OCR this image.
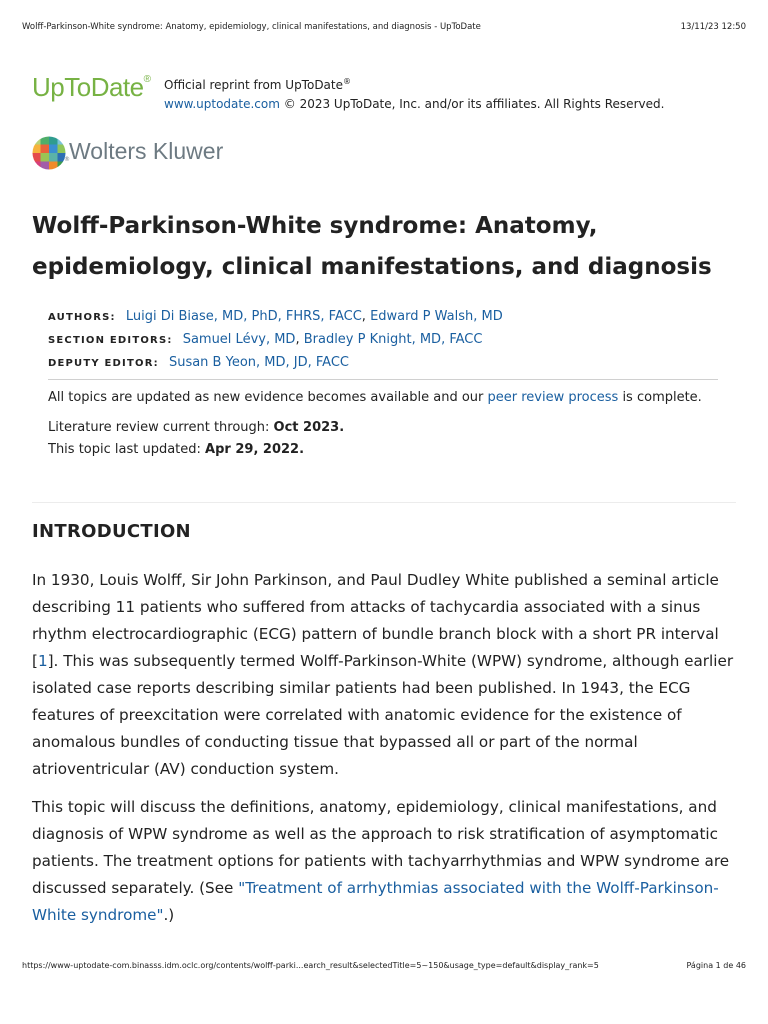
Wolff-Parkinson-White syndrome: Anatomy, epidemiology, clinical manifestations, and diagnosis - UpToDate	13/11/23 12:50
UpToDate® Official reprint from UpToDate®
www.uptodate.com © 2023 UpToDate, Inc. and/or its affiliates. All Rights Reserved.
® Wolters Kluwer
Wolff-Parkinson-White syndrome: Anatomy, epidemiology, clinical manifestations, and diagnosis
AUTHORS: Luigi Di Biase, MD, PhD, FHRS, FACC, Edward P Walsh, MD
SECTION EDITORS: Samuel Lévy, MD, Bradley P Knight, MD, FACC
DEPUTY EDITOR: Susan B Yeon, MD, JD, FACC

All topics are updated as new evidence becomes available and our peer review process is complete.

Literature review current through: Oct 2023.

This topic last updated: Apr 29, 2022.

INTRODUCTION

In 1930, Louis Wolff, Sir John Parkinson, and Paul Dudley White published a seminal article describing 11 patients who suffered from attacks of tachycardia associated with a sinus rhythm electrocardiographic (ECG) pattern of bundle branch block with a short PR interval [1]. This was subsequently termed Wolff-Parkinson-White (WPW) syndrome, although earlier isolated case reports describing similar patients had been published. In 1943, the ECG features of preexcitation were correlated with anatomic evidence for the existence of anomalous bundles of conducting tissue that bypassed all or part of the normal atrioventricular (AV) conduction system.

This topic will discuss the definitions, anatomy, epidemiology, clinical manifestations, and diagnosis of WPW syndrome as well as the approach to risk stratification of asymptomatic patients. The treatment options for patients with tachyarrhythmias and WPW syndrome are discussed separately. (See "Treatment of arrhythmias associated with the Wolff-Parkinson-White syndrome".)

https://www-uptodate-com.binasss.idm.oclc.org/contents/wolff-parki...earch_result&selectedTitle=5~150&usage_type=default&display_rank=5	Página 1 de 46
